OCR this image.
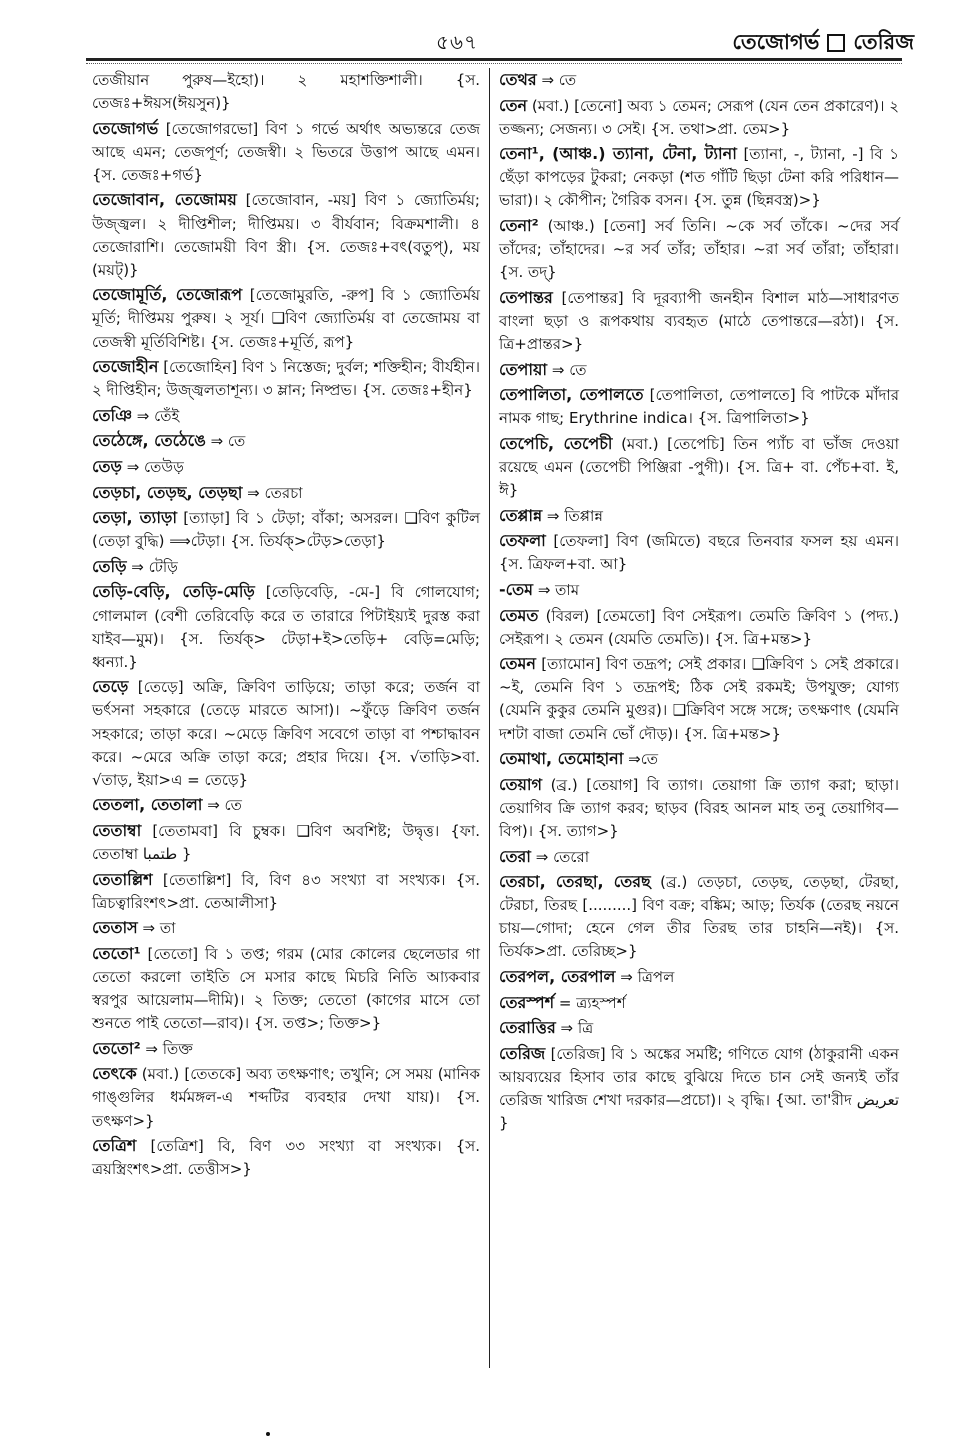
৫৬৭	তেজোগর্ভ তেরিজ
তেজীয়ান পুরুষ—ইহো)। ২ মহাশক্তিশালী। {স. তেজঃ+ঈয়স(ঈয়সুন)}
তেজোগর্ভ [তেজোগরভো] বিণ ১ গর্ভে অর্থাৎ অভ্যন্তরে তেজ আছে এমন; তেজপূর্ণ; তেজস্বী। ২ ভিতরে উত্তাপ আছে এমন। {স. তেজঃ+গর্ভ}
তেজোবান, তেজোময় [তেজোবান, -ময়] বিণ ১ জ্যোতির্ময়; উজ্জ্বল। ২ দীপ্তিশীল; দীপ্তিময়। ৩ বীর্যবান; বিক্রমশালী। ৪ তেজোরাশি। তেজোময়ী বিণ স্ত্রী। {স. তেজঃ+বৎ(বতুপ্), ময় (ময়ট্)}
তেজোমূর্তি, তেজোরূপ [তেজোমুরতি, -রুপ] বি ১ জ্যোতির্ময় মূর্তি; দীপ্তিময় পুরুষ। ২ সূর্য। ❑বিণ জ্যোতির্ময় বা তেজোময় বা তেজস্বী মূর্তিবিশিষ্ট। {স. তেজঃ+মূর্তি, রূপ}
তেজোহীন [তেজোহিন] বিণ ১ নিস্তেজ; দুর্বল; শক্তিহীন; বীর্যহীন। ২ দীপ্তিহীন; উজ্জ্বলতাশূন্য। ৩ ম্লান; নিষ্প্রভ। {স. তেজঃ+হীন}
তেঞি ⇒ তেঁই
তেঠেঙ্গে, তেঠেঙে ⇒ তে
তেড় ⇒ তেউড়
তেড়চা, তেড়ছ, তেড়ছা ⇒ তেরচা
তেড়া, ত্যাড়া [ত্যাড়া] বি ১ টেড়া; বাঁকা; অসরল। ❑বিণ কুটিল (তেড়া বুদ্ধি) ⟹টেড়া। {স. তির্যক্>টেড়>তেড়া}
তেড়ি ⇒ টেড়ি
তেড়ি-বেড়ি, তেড়ি-মেড়ি [তেড়িবেড়ি, -মে-] বি গোলযোগ; গোলমাল (বেশী তেরিবেড়ি করে ত তারারে পিটাইয়্যই দুরস্ত করা যাইব—মুম)। {স. তির্যক্> টেড়া+ই>তেড়ি+ বেড়ি=মেড়ি; ধ্বন্যা.}
তেড়ে [তেড়ে] অক্রি, ক্রিবিণ তাড়িয়ে; তাড়া করে; তর্জন বা ভর্ৎসনা সহকারে (তেড়ে মারতে আসা)। ~ফুঁড়ে ক্রিবিণ তর্জন সহকারে; তাড়া করে। ~মেড়ে ক্রিবিণ সবেগে তাড়া বা পশ্চাদ্ধাবন করে। ~মেরে অক্রি তাড়া করে; প্রহার দিয়ে। {স. √তাড়ি>বা. √তাড়, ইয়া>এ = তেড়ে}
তেতলা, তেতালা ⇒ তে
তেতাম্বা [তেতামবা] বি চুম্বক। ❑বিণ অবশিষ্ট; উদ্বৃত্ত। {ফা. তেতাম্বা طتمبا }
তেতাল্লিশ [তেতাল্লিশ] বি, বিণ ৪৩ সংখ্যা বা সংখ্যক। {স. ত্রিচত্বারিংশৎ>প্রা. তেআলীসা}
তেতাস ⇒ তা
তেতো¹ [তেতো] বি ১ তপ্ত; গরম (মোর কোলের ছেলেডার গা তেতো করলো তাইতি সে মসার কাছে মিচরি নিতি আ্যকবার স্বরপুর আয়েলাম—দীমি)। ২ তিক্ত; তেতো (কাগের মাসে তো শুনতে পাই তেতো—রাব)। {স. তপ্ত>; তিক্ত>}
তেতো² ⇒ তিক্ত
তেৎকে (মবা.) [তেতকে] অব্য তৎক্ষণাৎ; তখুনি; সে সময় (মানিক গাঙ্গুলির ধর্মমঙ্গল-এ শব্দটির ব্যবহার দেখা যায়)। {স. তৎক্ষণ>}
তেত্রিশ [তেত্রিশ] বি, বিণ ৩৩ সংখ্যা বা সংখ্যক। {স. ত্রয়স্ত্রিংশৎ>প্রা. তেত্তীস>}
তেথর ⇒ তে
তেন (মবা.) [তেনো] অব্য ১ তেমন; সেরূপ (যেন তেন প্রকারেণ)। ২ তজ্জন্য; সেজন্য। ৩ সেই। {স. তথা>প্রা. তেম>}
তেনা¹, (আঞ্চ.) ত্যানা, টেনা, ট্যানা [ত্যানা, -, ট্যানা, -] বি ১ ছেঁড়া কাপড়ের টুকরা; নেকড়া (শত গাঁটি ছিড়া টেনা করি পরিধান—ভারা)। ২ কৌপীন; গৈরিক বসন। {স. তুন্ন (ছিন্নবস্ত্র)>}
তেনা² (আঞ্চ.) [তেনা] সর্ব তিনি। ~কে সর্ব তাঁকে। ~দের সর্ব তাঁদের; তাঁহাদের। ~র সর্ব তাঁর; তাঁহার। ~রা সর্ব তাঁরা; তাঁহারা। {স. তদ্}
তেপান্তর [তেপান্তর] বি দূরব্যাপী জনহীন বিশাল মাঠ—সাধারণত বাংলা ছড়া ও রূপকথায় ব্যবহৃত (মাঠে তেপান্তরে—রঠা)। {স. ত্রি+প্রান্তর>}
তেপায়া ⇒ তে
তেপালিতা, তেপালতে [তেপালিতা, তেপালতে] বি পাটকে মাঁদার নামক গাছ; Erythrine indica। {স. ত্রিপালিতা>}
তেপেচি, তেপেচী (মবা.) [তেপেচি] তিন প্যাঁচ বা ভাঁজ দেওয়া রয়েছে এমন (তেপেচী পিঞ্জিরা -পুগী)। {স. ত্রি+ বা. পেঁচ+বা. ই, ঈ}
তেপ্পান্ন ⇒ তিপ্পান্ন
তেফলা [তেফলা] বিণ (জমিতে) বছরে তিনবার ফসল হয় এমন। {স. ত্রিফল+বা. আ}
-তেম ⇒ তাম
তেমত (বিরল) [তেমতো] বিণ সেইরূপ। তেমতি ক্রিবিণ ১ (পদ্য.) সেইরূপ। ২ তেমন (যেমতি তেমতি)। {স. ত্রি+মন্ত>}
তেমন [ত্যামোন] বিণ তদ্রূপ; সেই প্রকার। ❑ক্রিবিণ ১ সেই প্রকারে। ~ই, তেমনি বিণ ১ তদ্রূপই; ঠিক সেই রকমই; উপযুক্ত; যোগ্য (যেমনি কুকুর তেমনি মুগুর)। ❑ক্রিবিণ সঙ্গে সঙ্গে; তৎক্ষণাৎ (যেমনি দশটা বাজা তেমনি ভোঁ দৌড়)। {স. ত্রি+মন্ত>}
তেমাথা, তেমোহানা ⇒তে
তেয়াগ (ব্র.) [তেয়াগ] বি ত্যাগ। তেয়াগা ক্রি ত্যাগ করা; ছাড়া। তেয়াগিব ক্রি ত্যাগ করব; ছাড়ব (বিরহ আনল মাহ তনু তেয়াগিব—বিপ)। {স. ত্যাগ>}
তেরা ⇒ তেরো
তেরচা, তেরছা, তেরছ (ব্র.) তেড়চা, তেড়ছ, তেড়ছা, টেরছা, টেরচা, তিরছ [.........] বিণ বক্র; বঙ্কিম; আড়; তির্যক (তেরছ নয়নে চায়—গোদা; হেনে গেল তীর তিরছ তার চাহনি—নই)। {স. তির্যক>প্রা. তেরিচ্ছ>}
তেরপল, তেরপাল ⇒ ত্রিপল
তেরস্পর্শ = ত্র্যহস্পর্শ
তেরাত্তির ⇒ ত্রি
তেরিজ [তেরিজ] বি ১ অঙ্কের সমষ্টি; গণিতে যোগ (ঠাকুরানী একন আয়ব্যয়ের হিসাব তার কাছে বুঝিয়ে দিতে চান সেই জন্যই তাঁর তেরিজ খারিজ শেখা দরকার—প্রচো)। ২ বৃদ্ধি। {আ. তা'রীদ تعريض }
